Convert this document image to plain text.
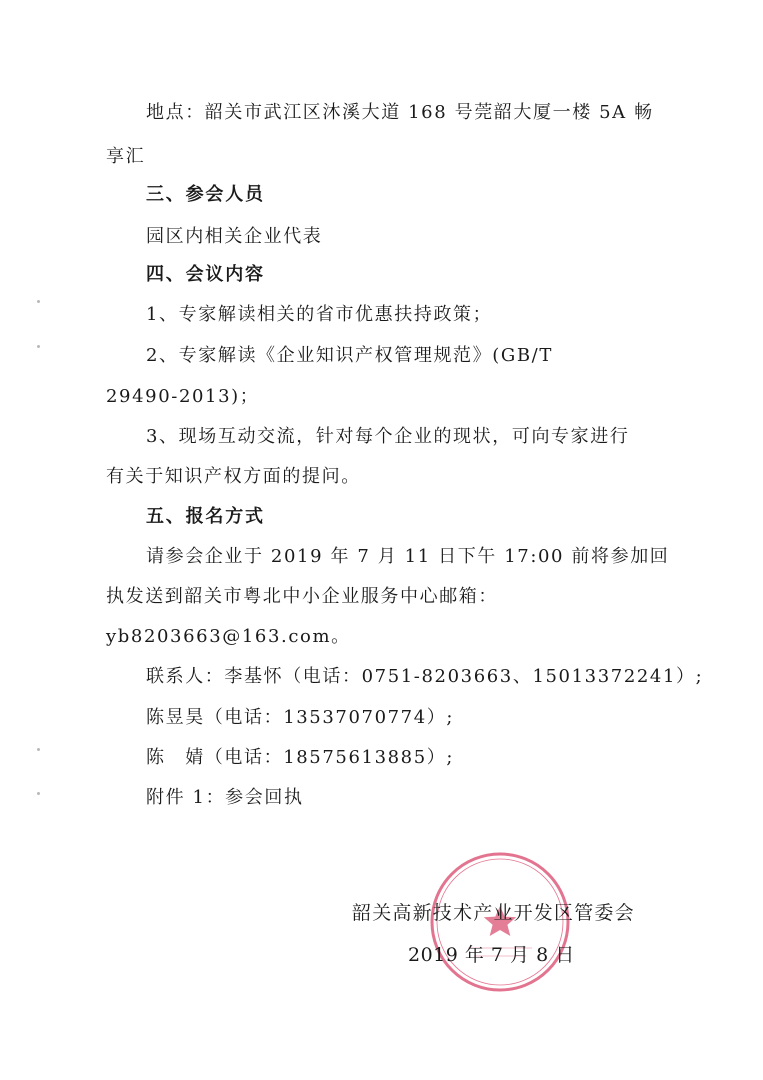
地点：韶关市武江区沐溪大道 168 号莞韶大厦一楼 5A 畅
享汇
三、参会人员
园区内相关企业代表
四、会议内容
1、专家解读相关的省市优惠扶持政策；
2、专家解读《企业知识产权管理规范》(GB/T
29490-2013)；
3、现场互动交流，针对每个企业的现状，可向专家进行
有关于知识产权方面的提问。
五、报名方式
请参会企业于 2019 年 7 月 11 日下午 17:00 前将参加回
执发送到韶关市粤北中小企业服务中心邮箱：
yb8203663@163.com。
联系人：李基怀（电话：0751-8203663、15013372241）;
陈昱昊（电话：13537070774）;
陈　婧（电话：18575613885）;
附件 1：参会回执
韶关高新技术产业开发区管委会
2019 年 7 月 8 日
